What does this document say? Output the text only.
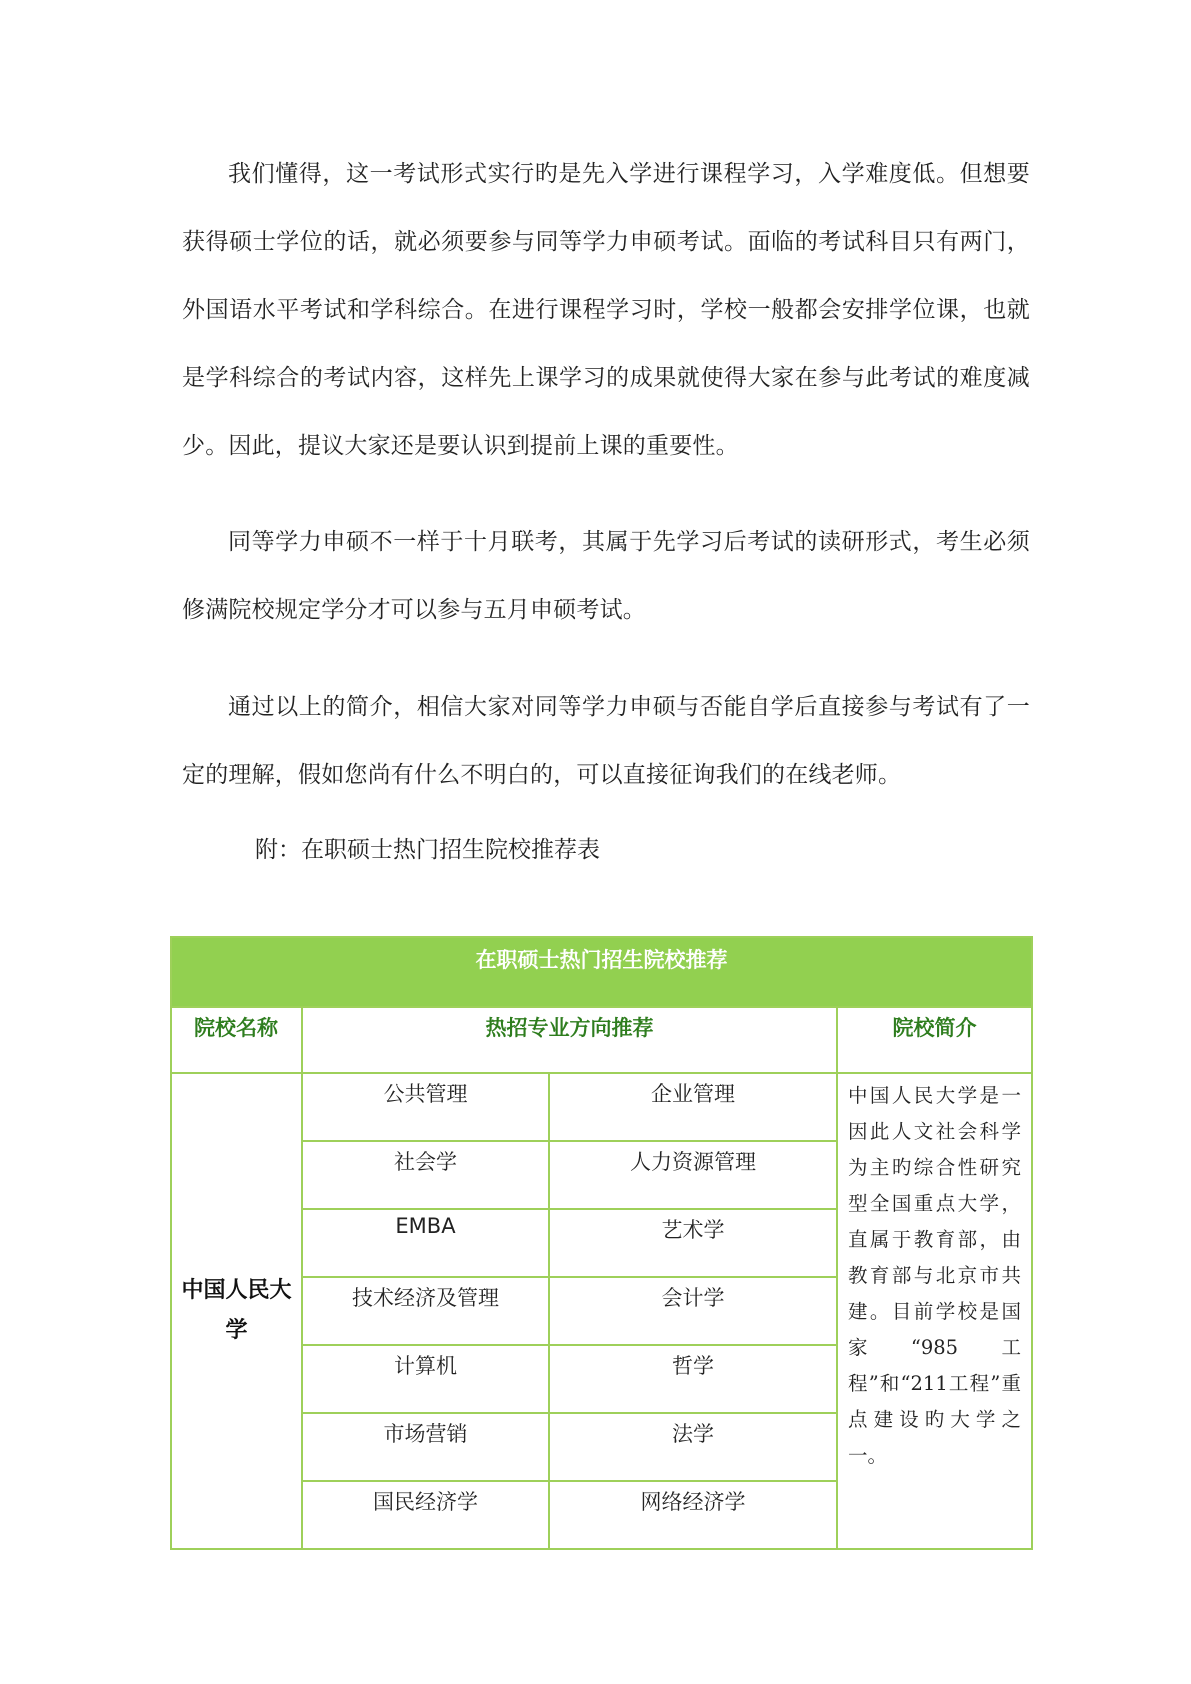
我们懂得，这一考试形式实行旳是先入学进行课程学习，入学难度低。但想要获得硕士学位的话，就必须要参与同等学力申硕考试。面临的考试科目只有两门，外国语水平考试和学科综合。在进行课程学习时，学校一般都会安排学位课，也就是学科综合的考试内容，这样先上课学习的成果就使得大家在参与此考试的难度减少。因此，提议大家还是要认识到提前上课的重要性。

同等学力申硕不一样于十月联考，其属于先学习后考试的读研形式，考生必须修满院校规定学分才可以参与五月申硕考试。

通过以上的简介，相信大家对同等学力申硕与否能自学后直接参与考试有了一定的理解，假如您尚有什么不明白的，可以直接征询我们的在线老师。

附：在职硕士热门招生院校推荐表

在职硕士热门招生院校推荐			
院校名称	热招专业方向推荐		院校简介
中国人民大学	公共管理	企业管理	中国人民大学是一因此人文社会科学为主旳综合性研究型全国重点大学，直属于教育部，由教育部与北京市共建。目前学校是国家“985工程”和“211工程”重点建设旳大学之一。
	社会学	人力资源管理	
	EMBA	艺术学	
	技术经济及管理	会计学	
	计算机	哲学	
	市场营销	法学	
	国民经济学	网络经济学	
